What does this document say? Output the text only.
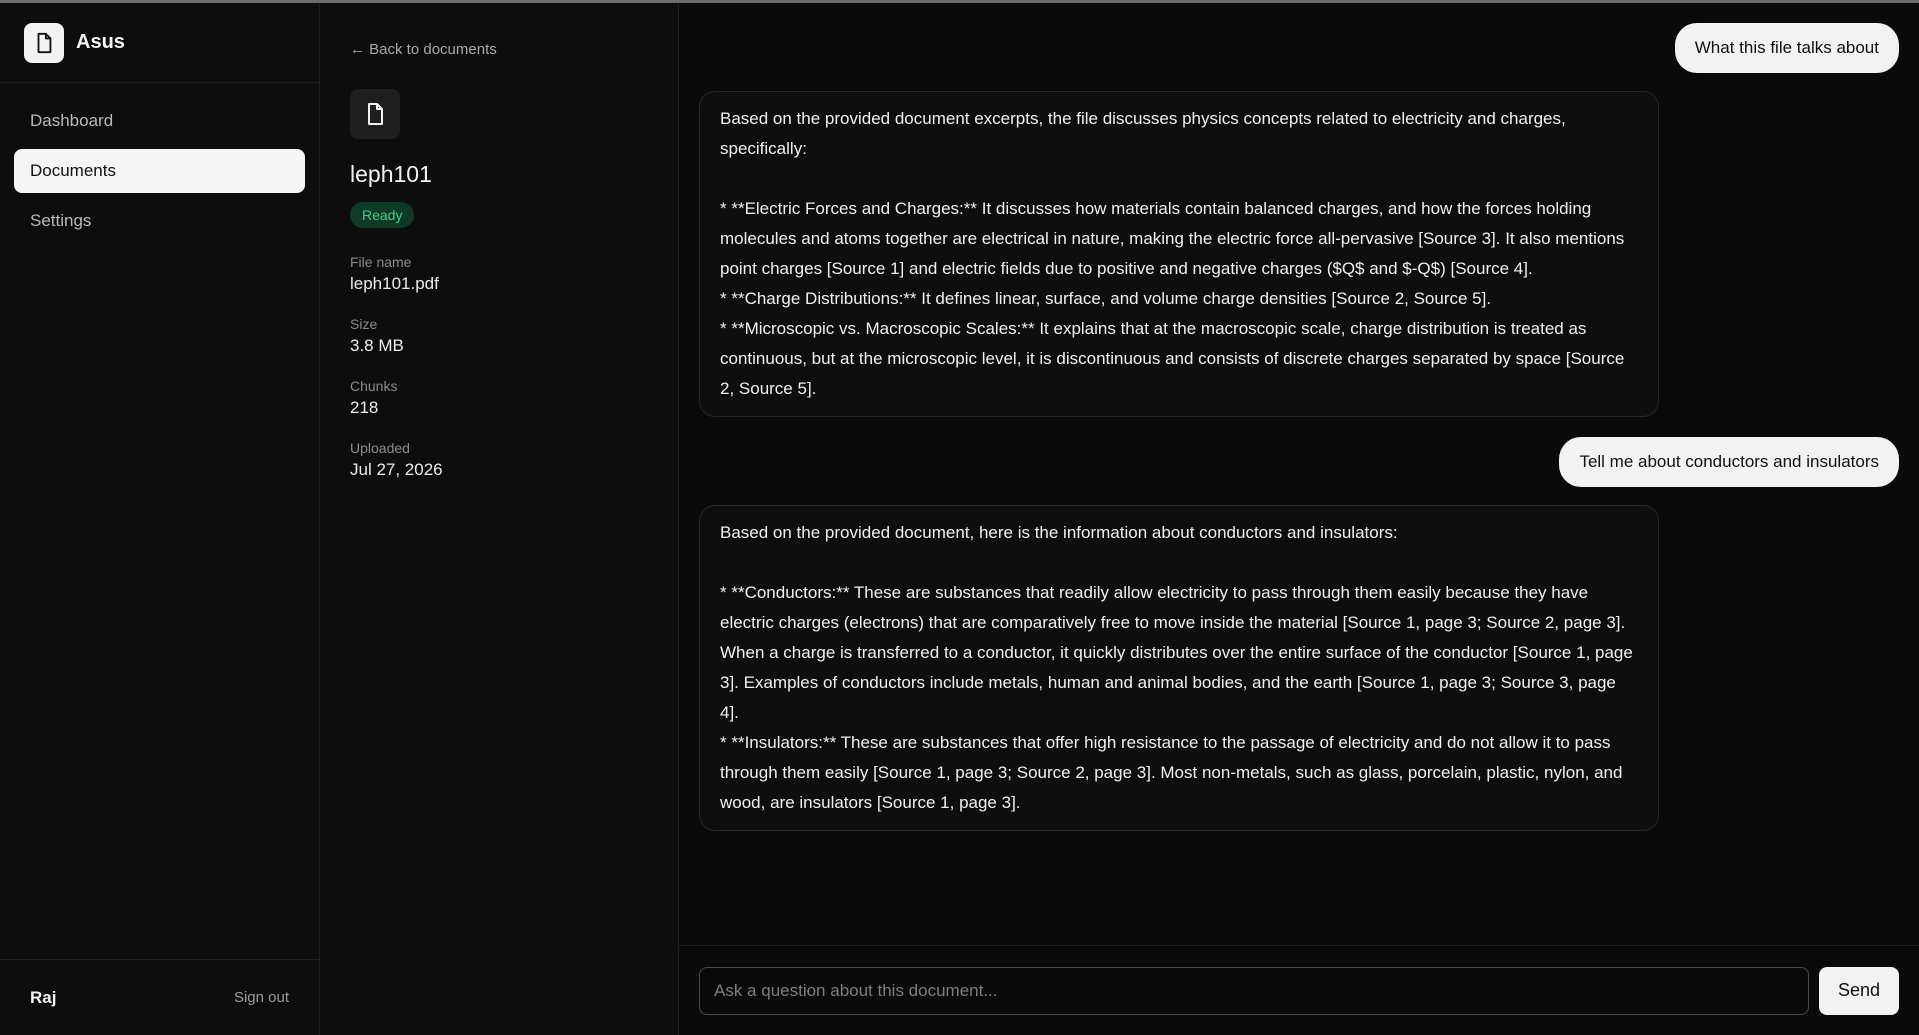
Asus
Dashboard
Documents
Settings
Raj	Sign out
← Back to documents
leph101
Ready
File name
leph101.pdf
Size
3.8 MB
Chunks
218
Uploaded
Jul 27, 2026
What this file talks about
Based on the provided document excerpts, the file discusses physics concepts related to electricity and charges, specifically:

* **Electric Forces and Charges:** It discusses how materials contain balanced charges, and how the forces holding molecules and atoms together are electrical in nature, making the electric force all-pervasive [Source 3]. It also mentions point charges [Source 1] and electric fields due to positive and negative charges ($Q$ and $-Q$) [Source 4].
* **Charge Distributions:** It defines linear, surface, and volume charge densities [Source 2, Source 5].
* **Microscopic vs. Macroscopic Scales:** It explains that at the macroscopic scale, charge distribution is treated as continuous, but at the microscopic level, it is discontinuous and consists of discrete charges separated by space [Source 2, Source 5].
Tell me about conductors and insulators
Based on the provided document, here is the information about conductors and insulators:

* **Conductors:** These are substances that readily allow electricity to pass through them easily because they have electric charges (electrons) that are comparatively free to move inside the material [Source 1, page 3; Source 2, page 3]. When a charge is transferred to a conductor, it quickly distributes over the entire surface of the conductor [Source 1, page 3]. Examples of conductors include metals, human and animal bodies, and the earth [Source 1, page 3; Source 3, page 4].
* **Insulators:** These are substances that offer high resistance to the passage of electricity and do not allow it to pass through them easily [Source 1, page 3; Source 2, page 3]. Most non-metals, such as glass, porcelain, plastic, nylon, and wood, are insulators [Source 1, page 3].
Ask a question about this document...
Send
